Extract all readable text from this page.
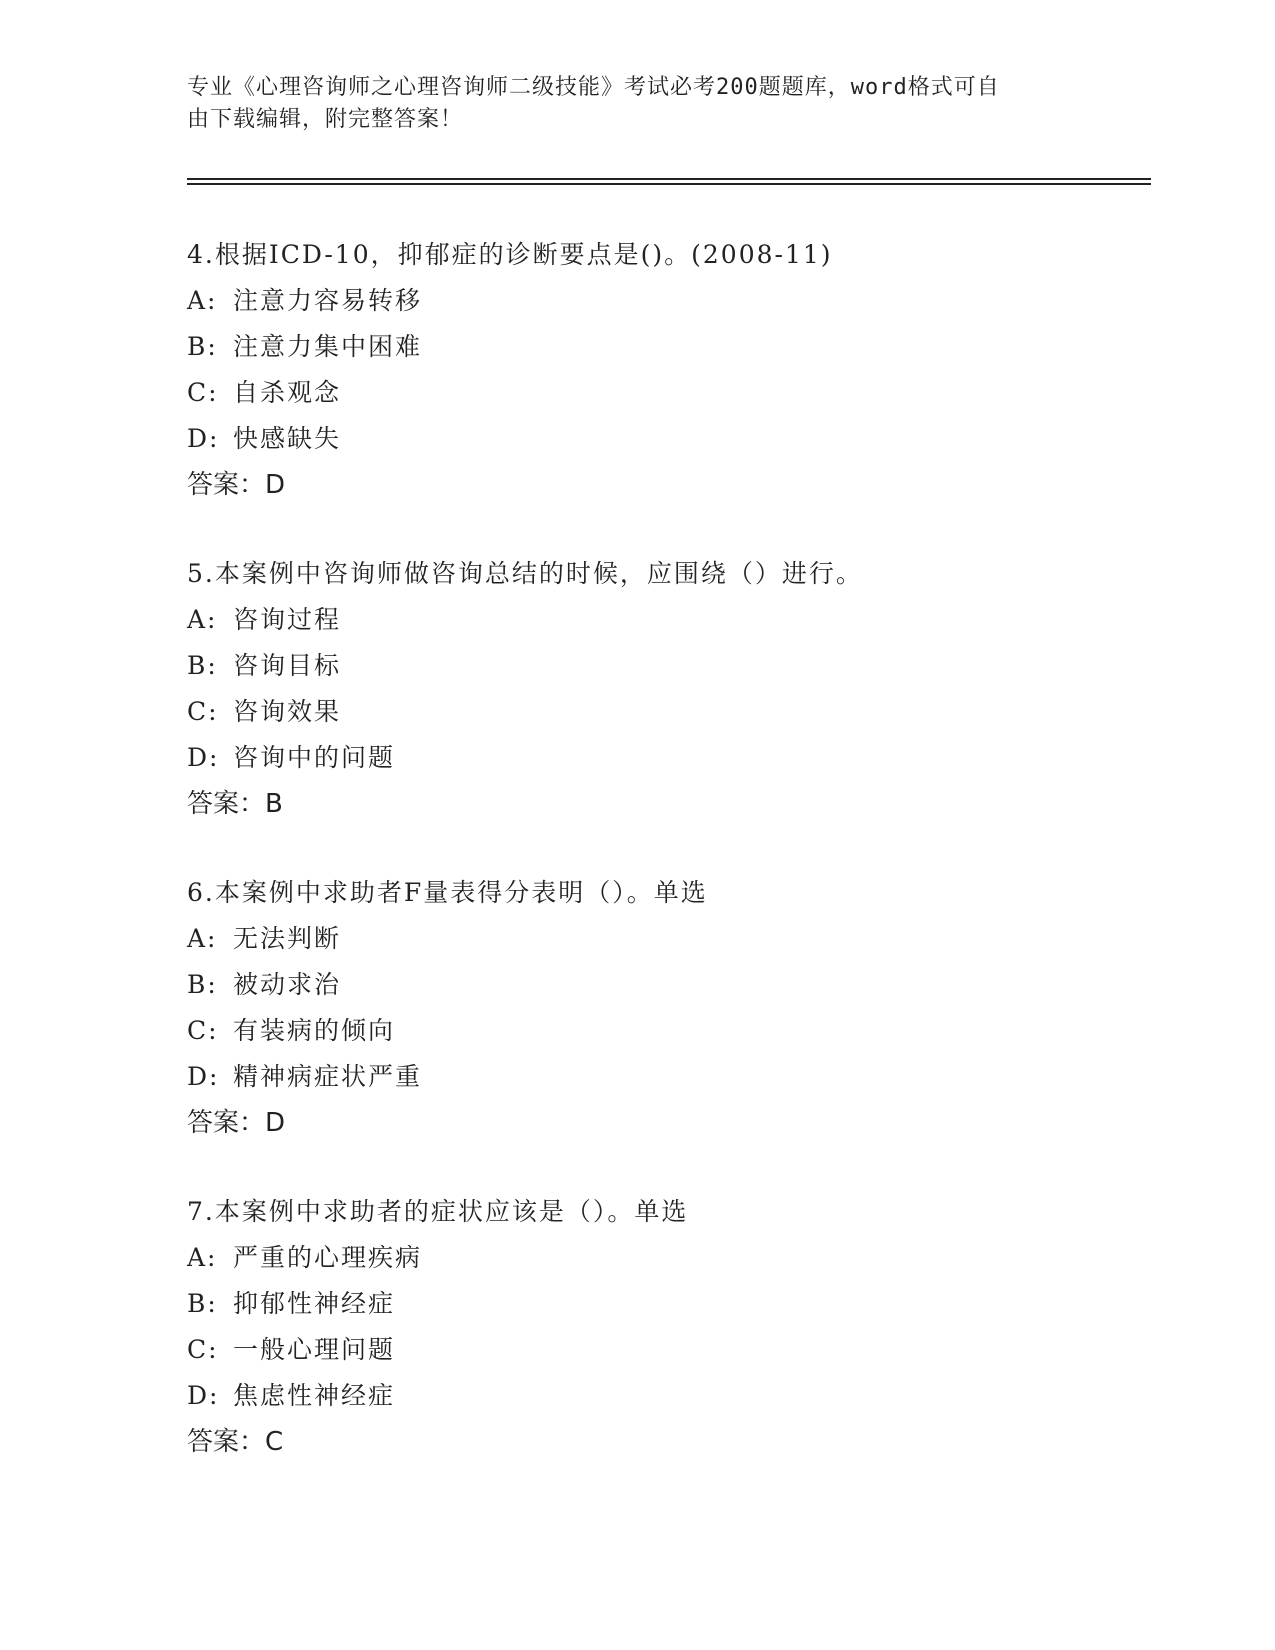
专业《心理咨询师之心理咨询师二级技能》考试必考200题题库，word格式可自
由下载编辑，附完整答案！
4.根据ICD-10，抑郁症的诊断要点是()。(2008-11)
A: 注意力容易转移
B: 注意力集中困难
C: 自杀观念
D: 快感缺失
答案：D
5.本案例中咨询师做咨询总结的时候，应围绕（）进行。
A: 咨询过程
B: 咨询目标
C: 咨询效果
D: 咨询中的问题
答案：B
6.本案例中求助者F量表得分表明（）。单选
A: 无法判断
B: 被动求治
C: 有装病的倾向
D: 精神病症状严重
答案：D
7.本案例中求助者的症状应该是（）。单选
A: 严重的心理疾病
B: 抑郁性神经症
C: 一般心理问题
D: 焦虑性神经症
答案：C
